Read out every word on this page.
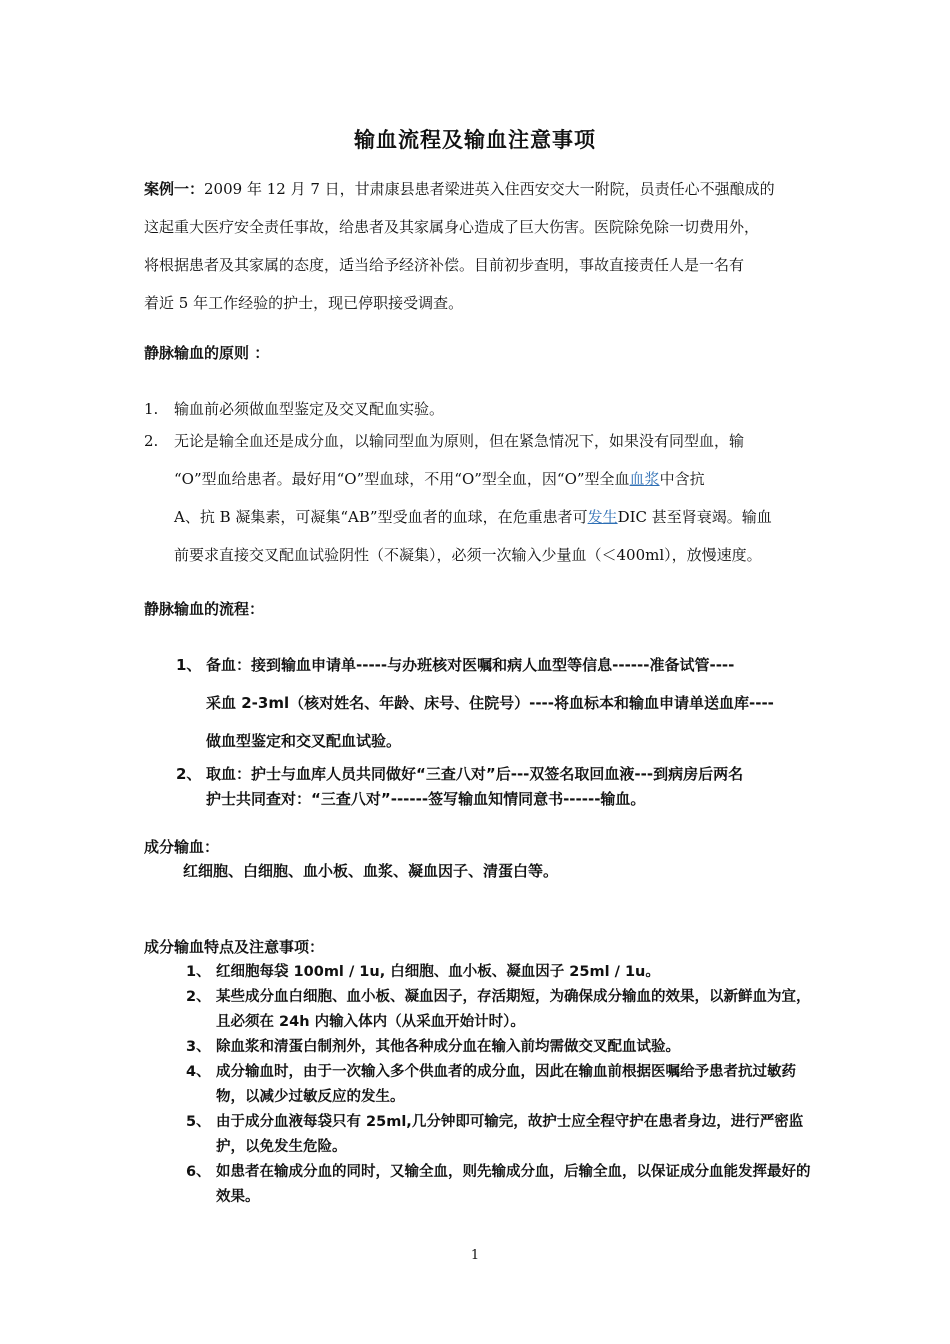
输血流程及输血注意事项
案例一：2009 年 12 月 7 日，甘肃康县患者梁进英入住西安交大一附院，员责任心不强酿成的
这起重大医疗安全责任事故，给患者及其家属身心造成了巨大伤害。医院除免除一切费用外，
将根据患者及其家属的态度，适当给予经济补偿。目前初步查明，事故直接责任人是一名有
着近 5 年工作经验的护士，现已停职接受调查。
静脉输血的原则 ：
1. 输血前必须做血型鉴定及交叉配血实验。
2. 无论是输全血还是成分血，以输同型血为原则，但在紧急情况下，如果没有同型血，输
“O”型血给患者。最好用“O”型血球，不用“O”型全血，因“O”型全血血浆中含抗
A、抗 B 凝集素，可凝集“AB”型受血者的血球，在危重患者可发生DIC 甚至肾衰竭。输血
前要求直接交叉配血试验阴性（不凝集），必须一次输入少量血（＜400ml），放慢速度。
静脉输血的流程：
1、 备血：接到输血申请单-----与办班核对医嘱和病人血型等信息------准备试管----
采血 2-3ml（核对姓名、年龄、床号、住院号）----将血标本和输血申请单送血库----
做血型鉴定和交叉配血试验。
2、 取血：护士与血库人员共同做好“三查八对”后---双签名取回血液---到病房后两名
护士共同查对：“三查八对”------签写输血知情同意书------输血。
成分输血：
红细胞、白细胞、血小板、血浆、凝血因子、清蛋白等。
成分输血特点及注意事项：
1、 红细胞每袋 100ml / 1u, 白细胞、血小板、凝血因子 25ml / 1u。
2、 某些成分血白细胞、血小板、凝血因子，存活期短，为确保成分输血的效果，以新鲜血为宜，且必须在 24h 内输入体内（从采血开始计时）。
3、 除血浆和清蛋白制剂外，其他各种成分血在输入前均需做交叉配血试验。
4、 成分输血时，由于一次输入多个供血者的成分血，因此在输血前根据医嘱给予患者抗过敏药物，以减少过敏反应的发生。
5、 由于成分血液每袋只有 25ml,几分钟即可输完，故护士应全程守护在患者身边，进行严密监护，以免发生危险。
6、 如患者在输成分血的同时，又输全血，则先输成分血，后输全血，以保证成分血能发挥最好的效果。
1
